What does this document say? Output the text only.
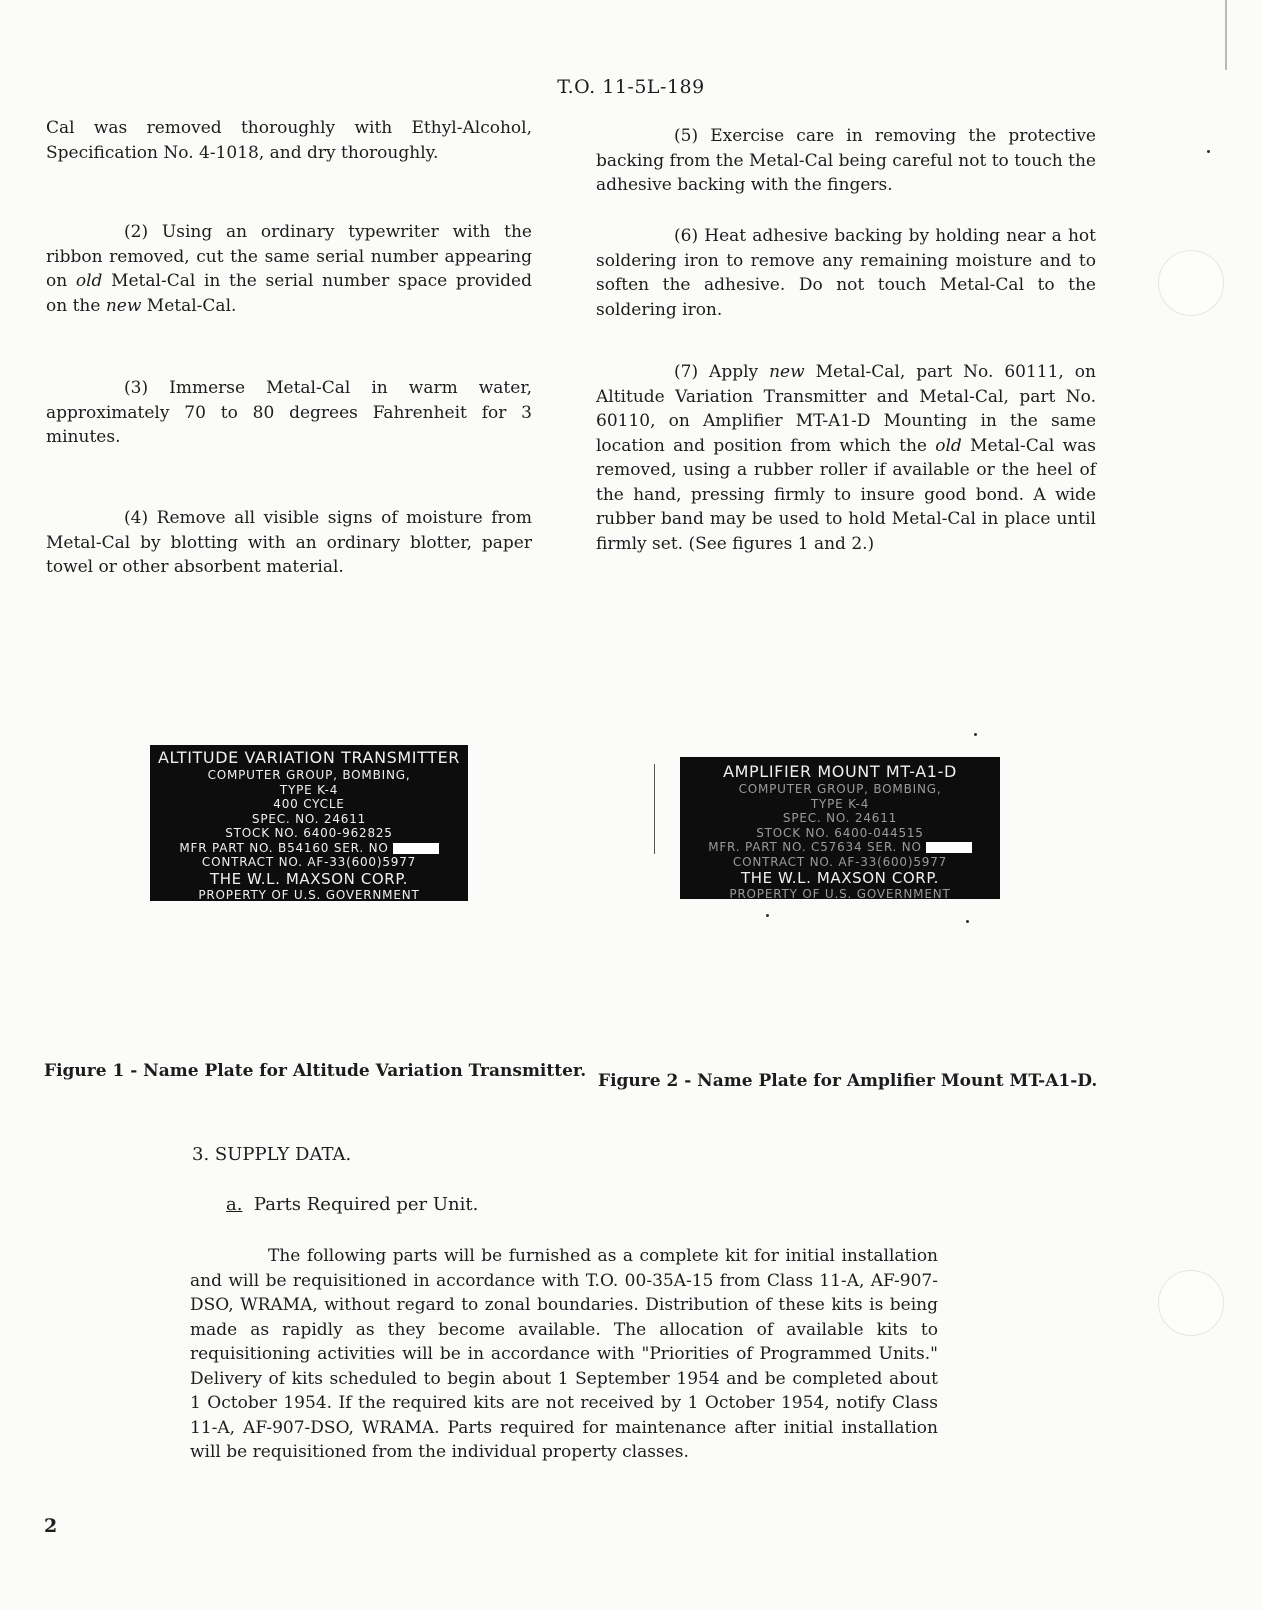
T.O. 11-5L-189

Cal was removed thoroughly with Ethyl-Alcohol, Specification No. 4-1018, and dry thoroughly.

(2) Using an ordinary typewriter with the ribbon removed, cut the same serial number appearing on old Metal-Cal in the serial number space provided on the new Metal-Cal.

(3) Immerse Metal-Cal in warm water, approximately 70 to 80 degrees Fahrenheit for 3 minutes.

(4) Remove all visible signs of moisture from Metal-Cal by blotting with an ordinary blotter, paper towel or other absorbent material.

(5) Exercise care in removing the protective backing from the Metal-Cal being careful not to touch the adhesive backing with the fingers.

(6) Heat adhesive backing by holding near a hot soldering iron to remove any remaining moisture and to soften the adhesive. Do not touch Metal-Cal to the soldering iron.

(7) Apply new Metal-Cal, part No. 60111, on Altitude Variation Transmitter and Metal-Cal, part No. 60110, on Amplifier MT-A1-D Mounting in the same location and position from which the old Metal-Cal was removed, using a rubber roller if available or the heel of the hand, pressing firmly to insure good bond. A wide rubber band may be used to hold Metal-Cal in place until firmly set. (See figures 1 and 2.)

ALTITUDE VARIATION TRANSMITTER
COMPUTER GROUP, BOMBING,
TYPE K-4
400 CYCLE
SPEC. NO. 24611
STOCK NO. 6400-962825
MFR PART NO. B54160 SER. NO
CONTRACT NO. AF-33(600)5977
THE W.L. MAXSON CORP.
PROPERTY OF U.S. GOVERNMENT
AMPLIFIER MOUNT MT-A1-D
COMPUTER GROUP, BOMBING,
TYPE K-4
SPEC. NO. 24611
STOCK NO. 6400-044515
MFR. PART NO. C57634 SER. NO
CONTRACT NO. AF-33(600)5977
THE W.L. MAXSON CORP.
PROPERTY OF U.S. GOVERNMENT
Figure 1 - Name Plate for Altitude Variation Transmitter. Figure 2 - Name Plate for Amplifier Mount MT-A1-D.
3. SUPPLY DATA.
a. Parts Required per Unit.

The following parts will be furnished as a complete kit for initial installation and will be requisitioned in accordance with T.O. 00-35A-15 from Class 11-A, AF-907-DSO, WRAMA, without regard to zonal boundaries. Distribution of these kits is being made as rapidly as they become available. The allocation of available kits to requisitioning activities will be in accordance with "Priorities of Programmed Units." Delivery of kits scheduled to begin about 1 September 1954 and be completed about 1 October 1954. If the required kits are not received by 1 October 1954, notify Class 11-A, AF-907-DSO, WRAMA. Parts required for maintenance after initial installation will be requisitioned from the individual property classes.

2
